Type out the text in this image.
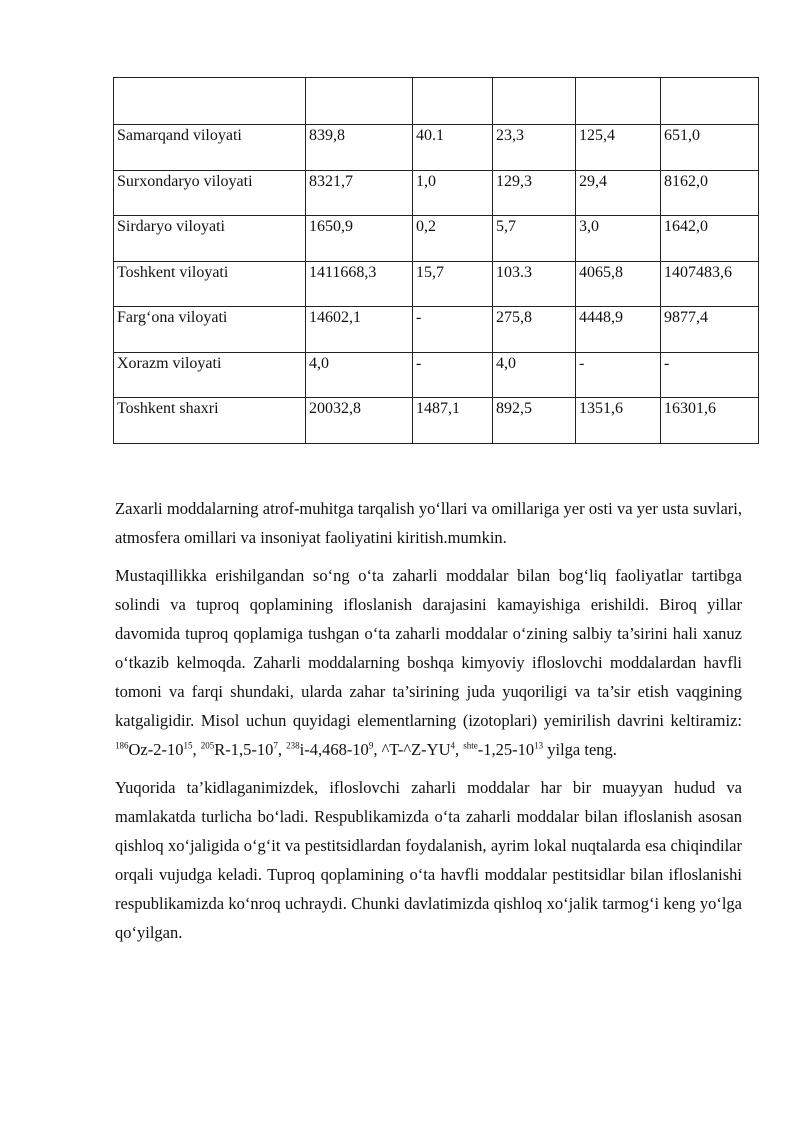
Samarqand viloyati	839,8	40.1	23,3	125,4	651,0

Surxondaryo viloyati	8321,7	1,0	129,3	29,4	8162,0

Sirdaryo viloyati	1650,9	0,2	5,7	3,0	1642,0

Toshkent viloyati	1411668,3	15,7	103.3	4065,8	1407483,6

Farg‘ona viloyati	14602,1	-	275,8	4448,9	9877,4

Xorazm viloyati	4,0	-	4,0	-	-

Toshkent shaxri	20032,8	1487,1	892,5	1351,6	16301,6

Zaxarli moddalarning atrof-muhitga tarqalish yo‘llari va omillariga yer osti va yer usta suvlari, atmosfera omillari va insoniyat faoliyatini kiritish.mumkin.

Mustaqillikka erishilgandan so‘ng o‘ta zaharli moddalar bilan bog‘liq faoliyatlar tartibga solindi va tuproq qoplamining ifloslanish darajasini kamayishiga erishildi. Biroq yillar davomida tuproq qoplamiga tushgan o‘ta zaharli moddalar o‘zining salbiy ta’sirini hali xanuz o‘tkazib kelmoqda. Zaharli moddalarning boshqa kimyoviy ifloslovchi moddalardan havfli tomoni va farqi shundaki, ularda zahar ta’sirining juda yuqoriligi va ta’sir etish vaqgining katgaligidir. Misol uchun quyidagi elementlarning (izotoplari) yemirilish davrini keltiramiz: $^{186}Oz-2-10^{15}$, $^{205}R-1,5-10^7$, $^{238}i-4,468-10^9$, $\^{}T-\^{}Z-YU^4$, $^{shte}-1,25-10^{13}$ yilga teng.

Yuqorida ta’kidlaganimizdek, ifloslovchi zaharli moddalar har bir muayyan hudud va mamlakatda turlicha bo‘ladi. Respublikamizda o‘ta zaharli moddalar bilan ifloslanish asosan qishloq xo‘jaligida o‘g‘it va pestitsidlardan foydalanish, ayrim lokal nuqtalarda esa chiqindilar orqali vujudga keladi. Tuproq qoplamining o‘ta havfli moddalar pestitsidlar bilan ifloslanishi respublikamizda ko‘nroq uchraydi. Chunki davlatimizda qishloq xo‘jalik tarmog‘i keng yo‘lga qo‘yilgan.
